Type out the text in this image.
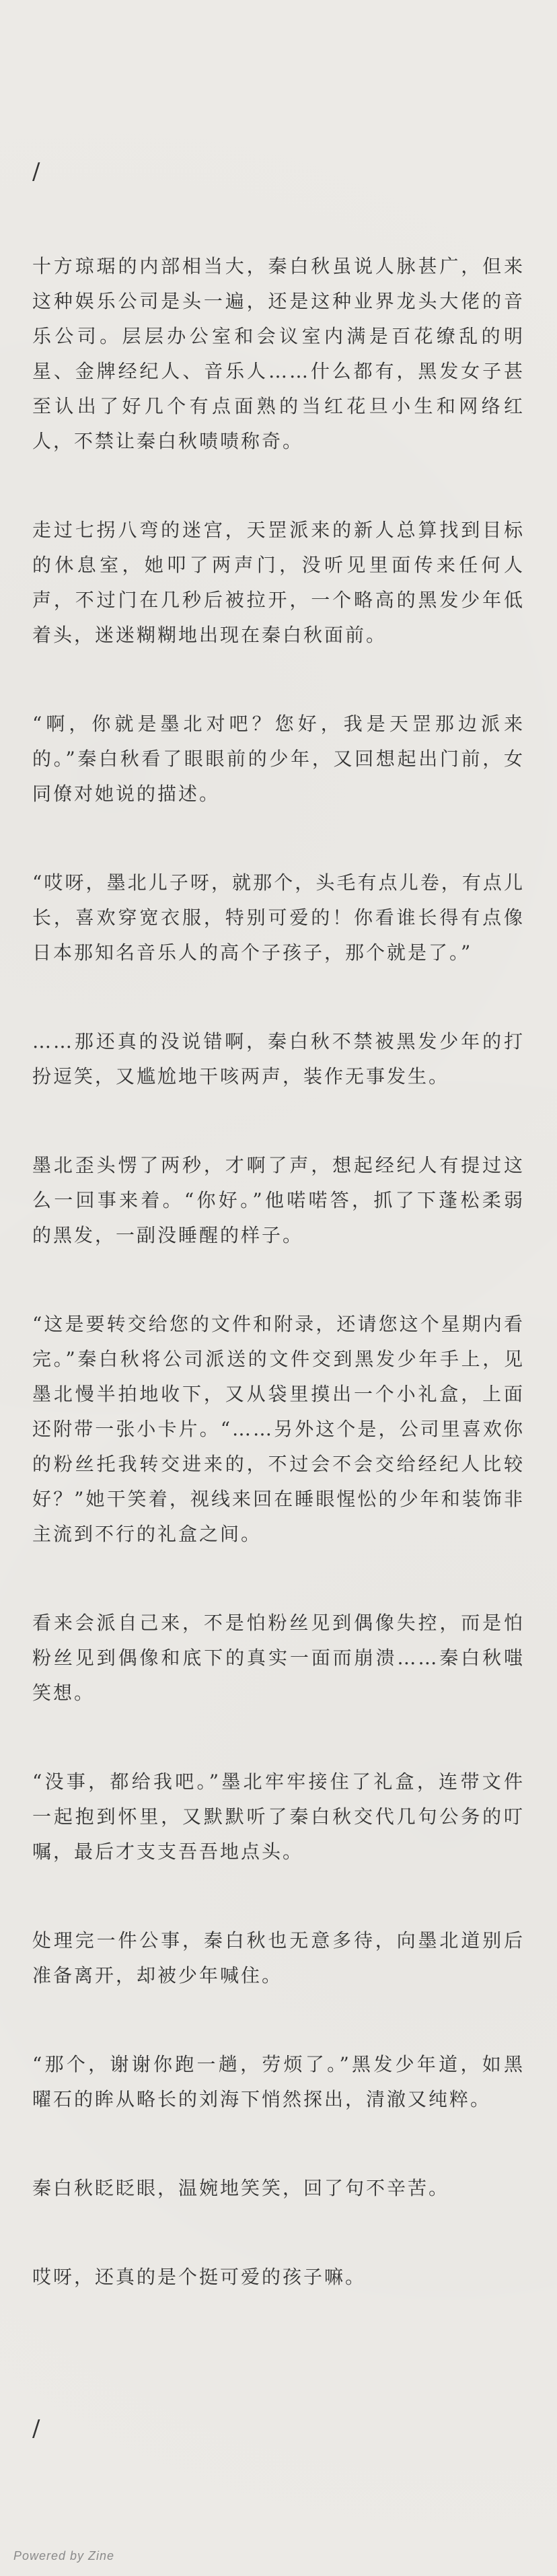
/

十方琼琚的内部相当大，秦白秋虽说人脉甚广，但来这种娱乐公司是头一遍，还是这种业界龙头大佬的音乐公司。层层办公室和会议室内满是百花缭乱的明星、金牌经纪人、音乐人……什么都有，黑发女子甚至认出了好几个有点面熟的当红花旦小生和网络红人，不禁让秦白秋啧啧称奇。

走过七拐八弯的迷宫，天罡派来的新人总算找到目标的休息室，她叩了两声门，没听见里面传来任何人声，不过门在几秒后被拉开，一个略高的黑发少年低着头，迷迷糊糊地出现在秦白秋面前。

“啊，你就是墨北对吧？您好，我是天罡那边派来的。”秦白秋看了眼眼前的少年，又回想起出门前，女同僚对她说的描述。

“哎呀，墨北儿子呀，就那个，头毛有点儿卷，有点儿长，喜欢穿宽衣服，特别可爱的！你看谁长得有点像日本那知名音乐人的高个子孩子，那个就是了。”

……那还真的没说错啊，秦白秋不禁被黑发少年的打扮逗笑，又尴尬地干咳两声，装作无事发生。

墨北歪头愣了两秒，才啊了声，想起经纪人有提过这么一回事来着。“你好。”他喏喏答，抓了下蓬松柔弱的黑发，一副没睡醒的样子。

“这是要转交给您的文件和附录，还请您这个星期内看完。”秦白秋将公司派送的文件交到黑发少年手上，见墨北慢半拍地收下，又从袋里摸出一个小礼盒，上面还附带一张小卡片。“……另外这个是，公司里喜欢你的粉丝托我转交进来的，不过会不会交给经纪人比较好？”她干笑着，视线来回在睡眼惺忪的少年和装饰非主流到不行的礼盒之间。

看来会派自己来，不是怕粉丝见到偶像失控，而是怕粉丝见到偶像和底下的真实一面而崩溃……秦白秋嗤笑想。

“没事，都给我吧。”墨北牢牢接住了礼盒，连带文件一起抱到怀里，又默默听了秦白秋交代几句公务的叮嘱，最后才支支吾吾地点头。

处理完一件公事，秦白秋也无意多待，向墨北道别后准备离开，却被少年喊住。

“那个，谢谢你跑一趟，劳烦了。”黑发少年道，如黑曜石的眸从略长的刘海下悄然探出，清澈又纯粹。

秦白秋眨眨眼，温婉地笑笑，回了句不辛苦。

哎呀，还真的是个挺可爱的孩子嘛。

/
Powered by Zine
